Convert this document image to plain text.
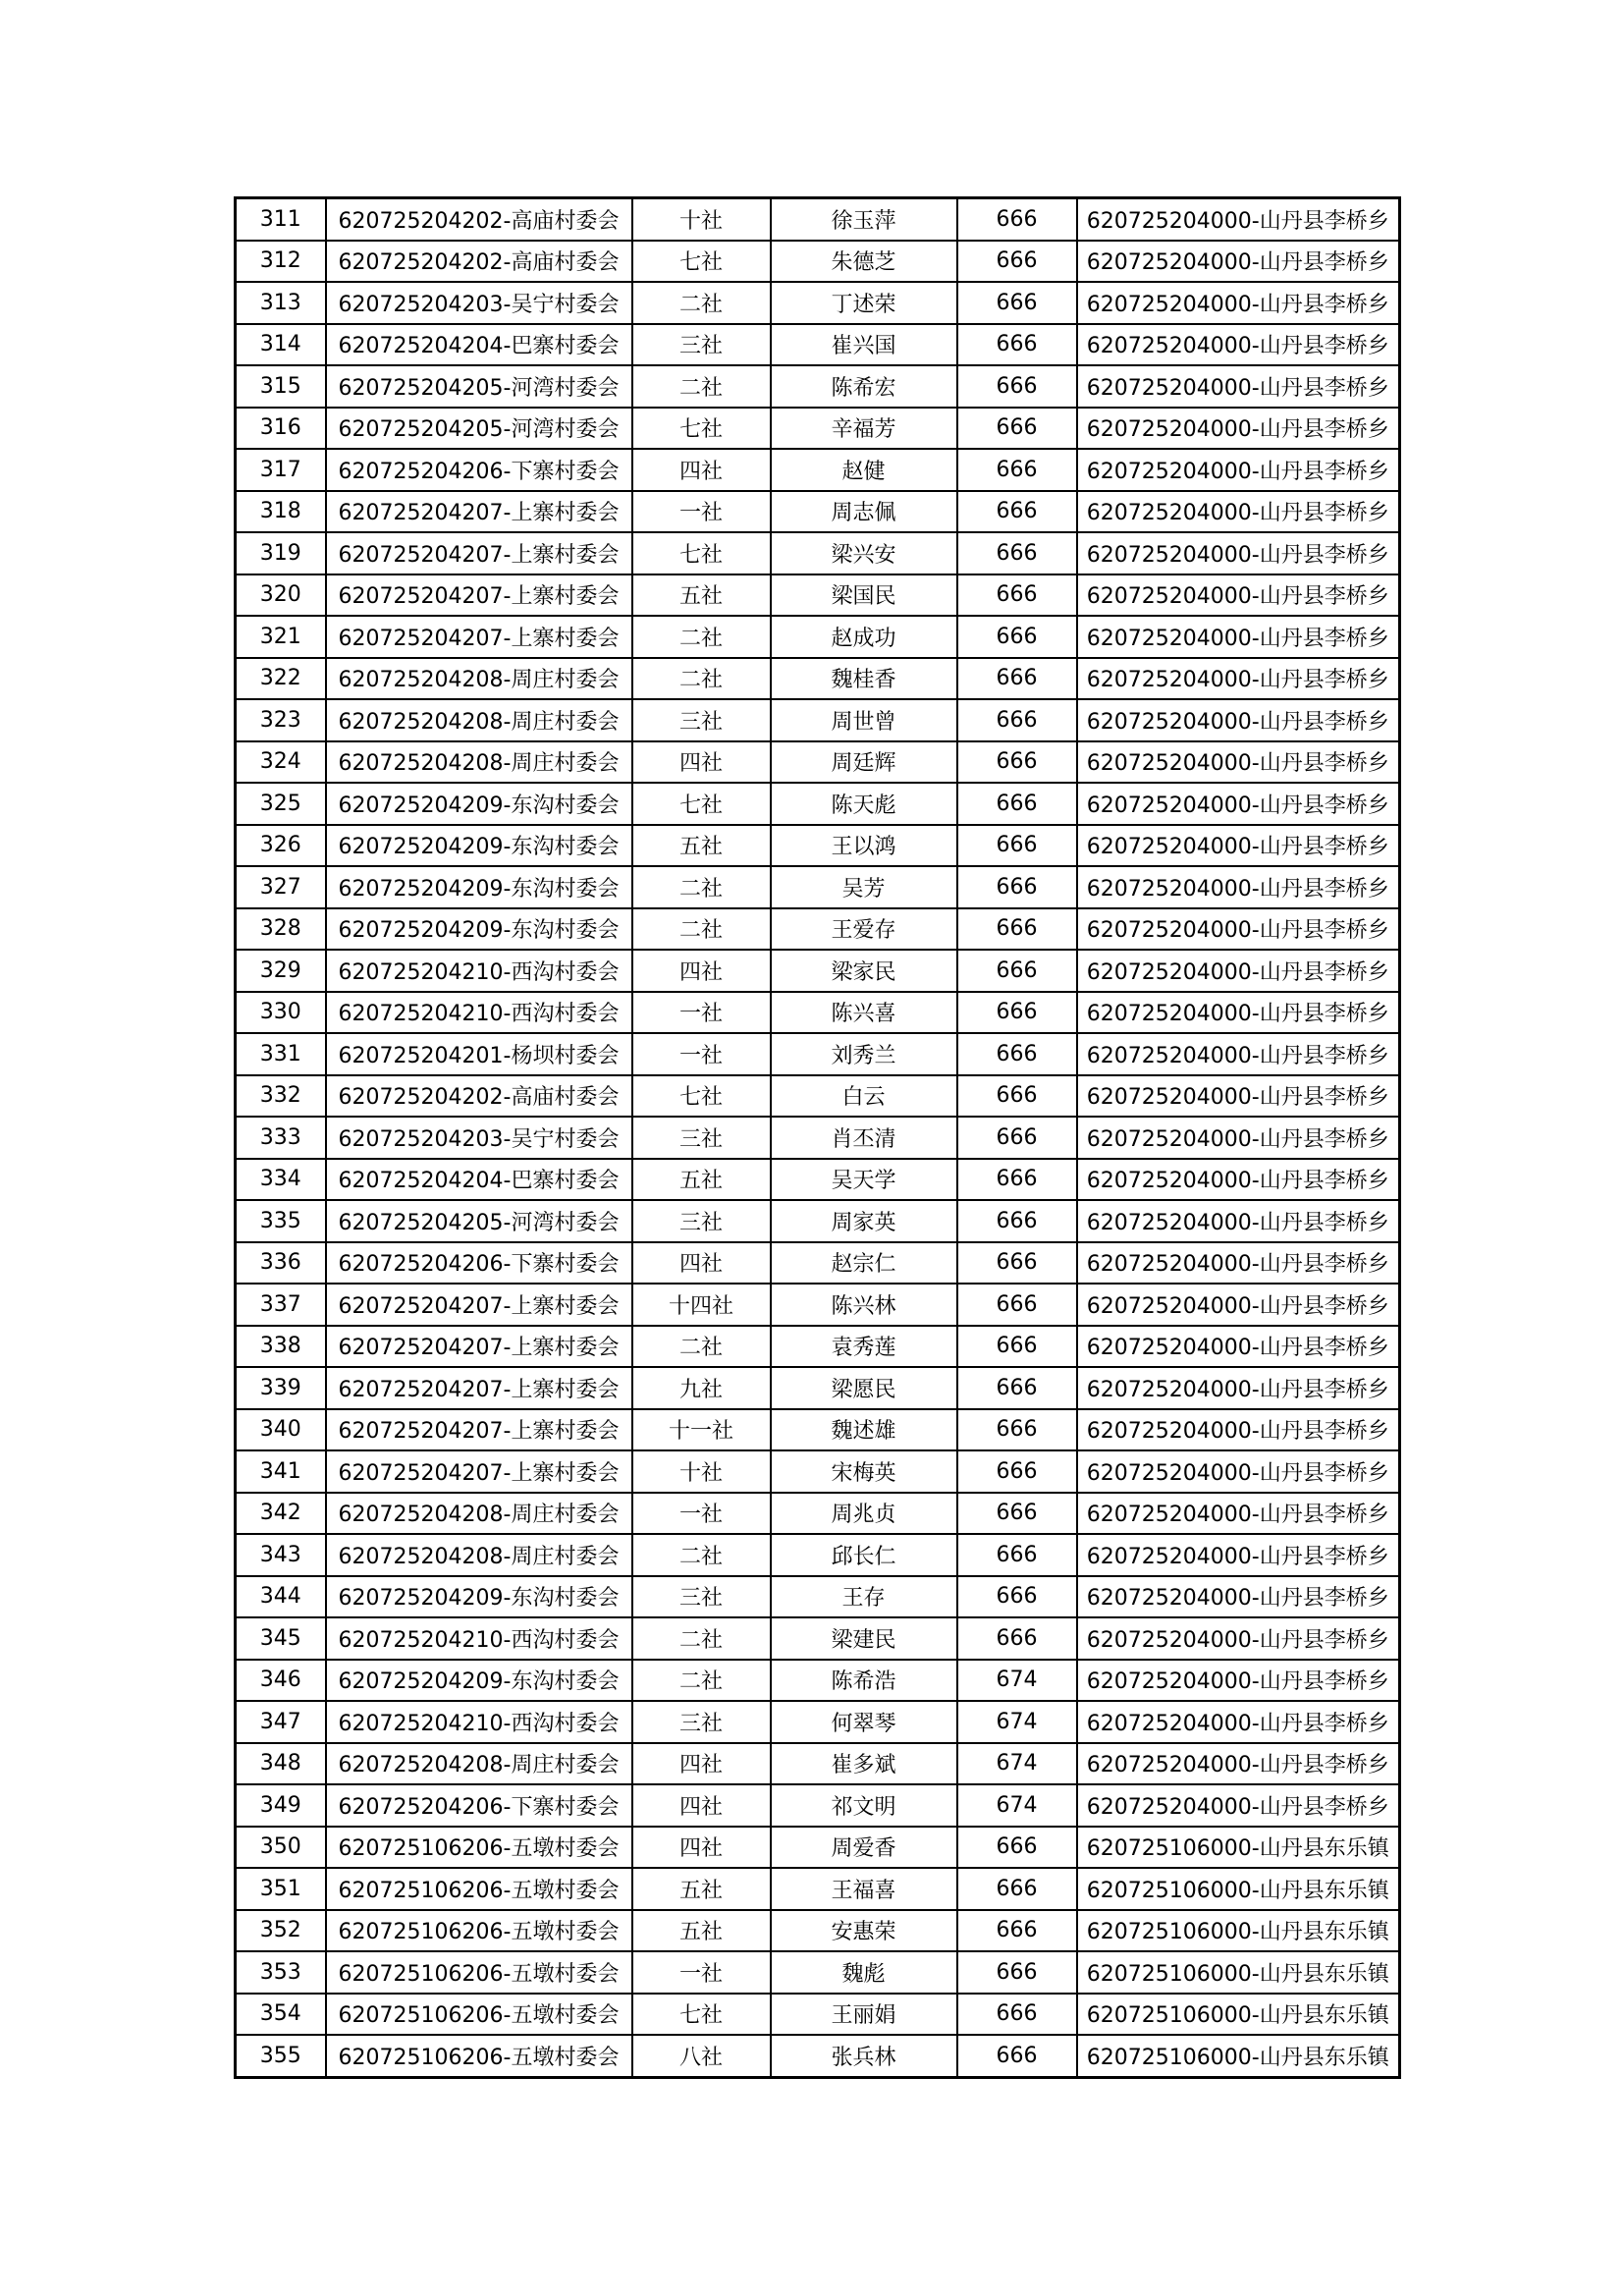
311	620725204202-高庙村委会	十社	徐玉萍	666	620725204000-山丹县李桥乡
312	620725204202-高庙村委会	七社	朱德芝	666	620725204000-山丹县李桥乡
313	620725204203-吴宁村委会	二社	丁述荣	666	620725204000-山丹县李桥乡
314	620725204204-巴寨村委会	三社	崔兴国	666	620725204000-山丹县李桥乡
315	620725204205-河湾村委会	二社	陈希宏	666	620725204000-山丹县李桥乡
316	620725204205-河湾村委会	七社	辛福芳	666	620725204000-山丹县李桥乡
317	620725204206-下寨村委会	四社	赵健	666	620725204000-山丹县李桥乡
318	620725204207-上寨村委会	一社	周志佩	666	620725204000-山丹县李桥乡
319	620725204207-上寨村委会	七社	梁兴安	666	620725204000-山丹县李桥乡
320	620725204207-上寨村委会	五社	梁国民	666	620725204000-山丹县李桥乡
321	620725204207-上寨村委会	二社	赵成功	666	620725204000-山丹县李桥乡
322	620725204208-周庄村委会	二社	魏桂香	666	620725204000-山丹县李桥乡
323	620725204208-周庄村委会	三社	周世曾	666	620725204000-山丹县李桥乡
324	620725204208-周庄村委会	四社	周廷辉	666	620725204000-山丹县李桥乡
325	620725204209-东沟村委会	七社	陈天彪	666	620725204000-山丹县李桥乡
326	620725204209-东沟村委会	五社	王以鸿	666	620725204000-山丹县李桥乡
327	620725204209-东沟村委会	二社	吴芳	666	620725204000-山丹县李桥乡
328	620725204209-东沟村委会	二社	王爱存	666	620725204000-山丹县李桥乡
329	620725204210-西沟村委会	四社	梁家民	666	620725204000-山丹县李桥乡
330	620725204210-西沟村委会	一社	陈兴喜	666	620725204000-山丹县李桥乡
331	620725204201-杨坝村委会	一社	刘秀兰	666	620725204000-山丹县李桥乡
332	620725204202-高庙村委会	七社	白云	666	620725204000-山丹县李桥乡
333	620725204203-吴宁村委会	三社	肖丕清	666	620725204000-山丹县李桥乡
334	620725204204-巴寨村委会	五社	吴天学	666	620725204000-山丹县李桥乡
335	620725204205-河湾村委会	三社	周家英	666	620725204000-山丹县李桥乡
336	620725204206-下寨村委会	四社	赵宗仁	666	620725204000-山丹县李桥乡
337	620725204207-上寨村委会	十四社	陈兴林	666	620725204000-山丹县李桥乡
338	620725204207-上寨村委会	二社	袁秀莲	666	620725204000-山丹县李桥乡
339	620725204207-上寨村委会	九社	梁愿民	666	620725204000-山丹县李桥乡
340	620725204207-上寨村委会	十一社	魏述雄	666	620725204000-山丹县李桥乡
341	620725204207-上寨村委会	十社	宋梅英	666	620725204000-山丹县李桥乡
342	620725204208-周庄村委会	一社	周兆贞	666	620725204000-山丹县李桥乡
343	620725204208-周庄村委会	二社	邱长仁	666	620725204000-山丹县李桥乡
344	620725204209-东沟村委会	三社	王存	666	620725204000-山丹县李桥乡
345	620725204210-西沟村委会	二社	梁建民	666	620725204000-山丹县李桥乡
346	620725204209-东沟村委会	二社	陈希浩	674	620725204000-山丹县李桥乡
347	620725204210-西沟村委会	三社	何翠琴	674	620725204000-山丹县李桥乡
348	620725204208-周庄村委会	四社	崔多斌	674	620725204000-山丹县李桥乡
349	620725204206-下寨村委会	四社	祁文明	674	620725204000-山丹县李桥乡
350	620725106206-五墩村委会	四社	周爱香	666	620725106000-山丹县东乐镇
351	620725106206-五墩村委会	五社	王福喜	666	620725106000-山丹县东乐镇
352	620725106206-五墩村委会	五社	安惠荣	666	620725106000-山丹县东乐镇
353	620725106206-五墩村委会	一社	魏彪	666	620725106000-山丹县东乐镇
354	620725106206-五墩村委会	七社	王丽娟	666	620725106000-山丹县东乐镇
355	620725106206-五墩村委会	八社	张兵林	666	620725106000-山丹县东乐镇
